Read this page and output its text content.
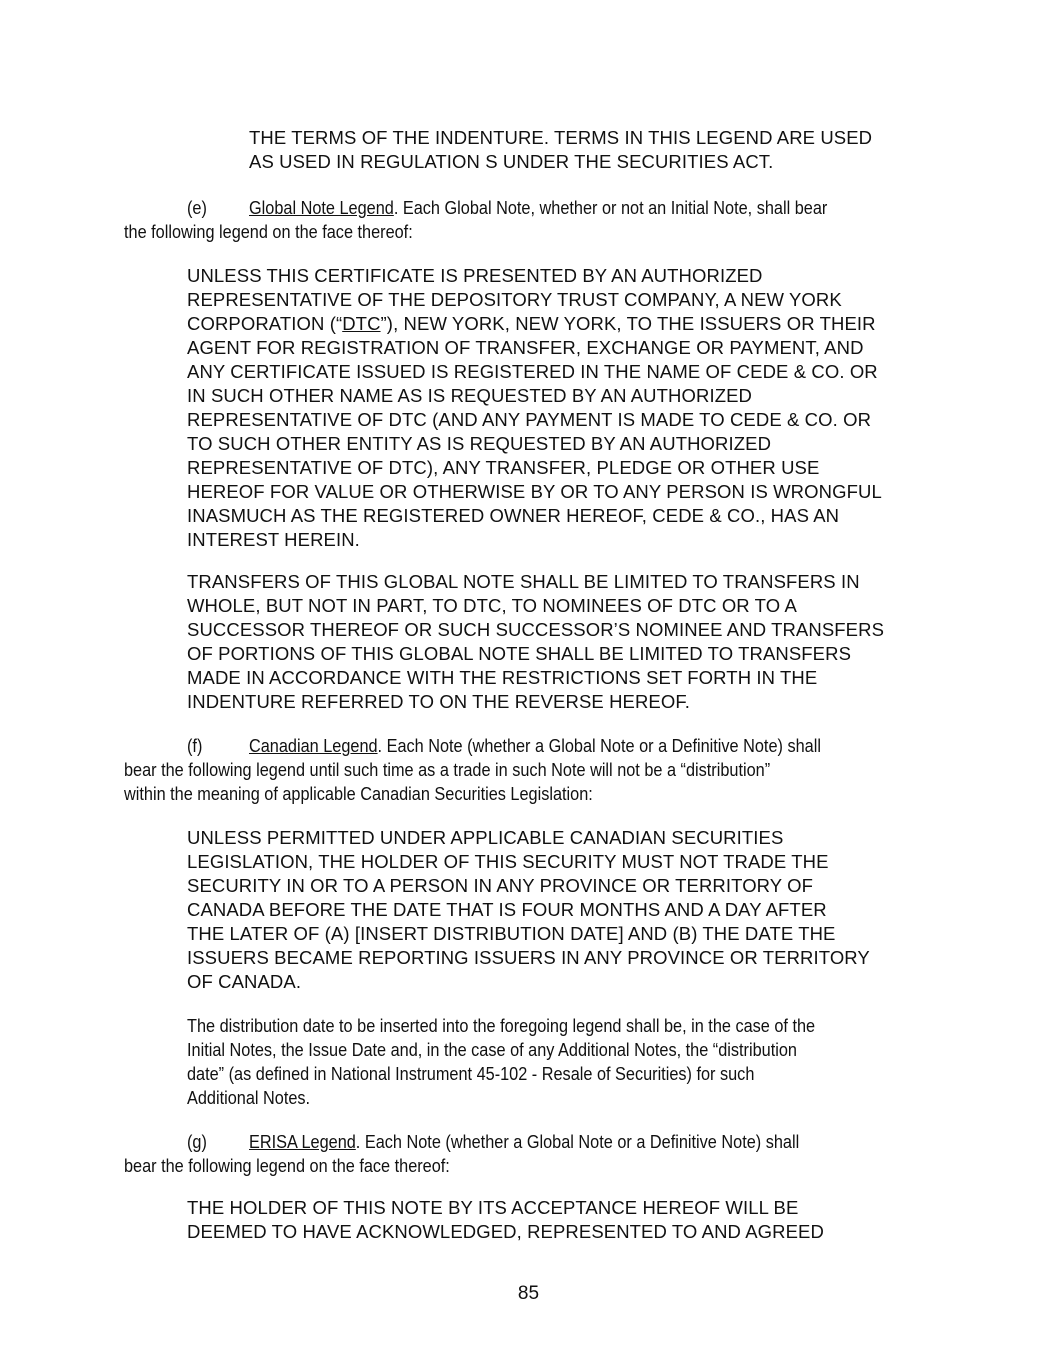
THE TERMS OF THE INDENTURE. TERMS IN THIS LEGEND ARE USED
AS USED IN REGULATION S UNDER THE SECURITIES ACT.
(e) Global Note Legend. Each Global Note, whether or not an Initial Note, shall bear
the following legend on the face thereof:
UNLESS THIS CERTIFICATE IS PRESENTED BY AN AUTHORIZED
REPRESENTATIVE OF THE DEPOSITORY TRUST COMPANY, A NEW YORK
CORPORATION (“DTC”), NEW YORK, NEW YORK, TO THE ISSUERS OR THEIR
AGENT FOR REGISTRATION OF TRANSFER, EXCHANGE OR PAYMENT, AND
ANY CERTIFICATE ISSUED IS REGISTERED IN THE NAME OF CEDE & CO. OR
IN SUCH OTHER NAME AS IS REQUESTED BY AN AUTHORIZED
REPRESENTATIVE OF DTC (AND ANY PAYMENT IS MADE TO CEDE & CO. OR
TO SUCH OTHER ENTITY AS IS REQUESTED BY AN AUTHORIZED
REPRESENTATIVE OF DTC), ANY TRANSFER, PLEDGE OR OTHER USE
HEREOF FOR VALUE OR OTHERWISE BY OR TO ANY PERSON IS WRONGFUL
INASMUCH AS THE REGISTERED OWNER HEREOF, CEDE & CO., HAS AN
INTEREST HEREIN.
TRANSFERS OF THIS GLOBAL NOTE SHALL BE LIMITED TO TRANSFERS IN
WHOLE, BUT NOT IN PART, TO DTC, TO NOMINEES OF DTC OR TO A
SUCCESSOR THEREOF OR SUCH SUCCESSOR’S NOMINEE AND TRANSFERS
OF PORTIONS OF THIS GLOBAL NOTE SHALL BE LIMITED TO TRANSFERS
MADE IN ACCORDANCE WITH THE RESTRICTIONS SET FORTH IN THE
INDENTURE REFERRED TO ON THE REVERSE HEREOF.
(f)	Canadian Legend. Each Note (whether a Global Note or a Definitive Note) shall
bear the following legend until such time as a trade in such Note will not be a “distribution”
within the meaning of applicable Canadian Securities Legislation:
UNLESS PERMITTED UNDER APPLICABLE CANADIAN SECURITIES
LEGISLATION, THE HOLDER OF THIS SECURITY MUST NOT TRADE THE
SECURITY IN OR TO A PERSON IN ANY PROVINCE OR TERRITORY OF
CANADA BEFORE THE DATE THAT IS FOUR MONTHS AND A DAY AFTER
THE LATER OF (A) [INSERT DISTRIBUTION DATE] AND (B) THE DATE THE
ISSUERS BECAME REPORTING ISSUERS IN ANY PROVINCE OR TERRITORY
OF CANADA.
The distribution date to be inserted into the foregoing legend shall be, in the case of the
Initial Notes, the Issue Date and, in the case of any Additional Notes, the “distribution
date” (as defined in National Instrument 45-102 - Resale of Securities) for such
Additional Notes.
(g) ERISA Legend. Each Note (whether a Global Note or a Definitive Note) shall
bear the following legend on the face thereof:
THE HOLDER OF THIS NOTE BY ITS ACCEPTANCE HEREOF WILL BE
DEEMED TO HAVE ACKNOWLEDGED, REPRESENTED TO AND AGREED
85
